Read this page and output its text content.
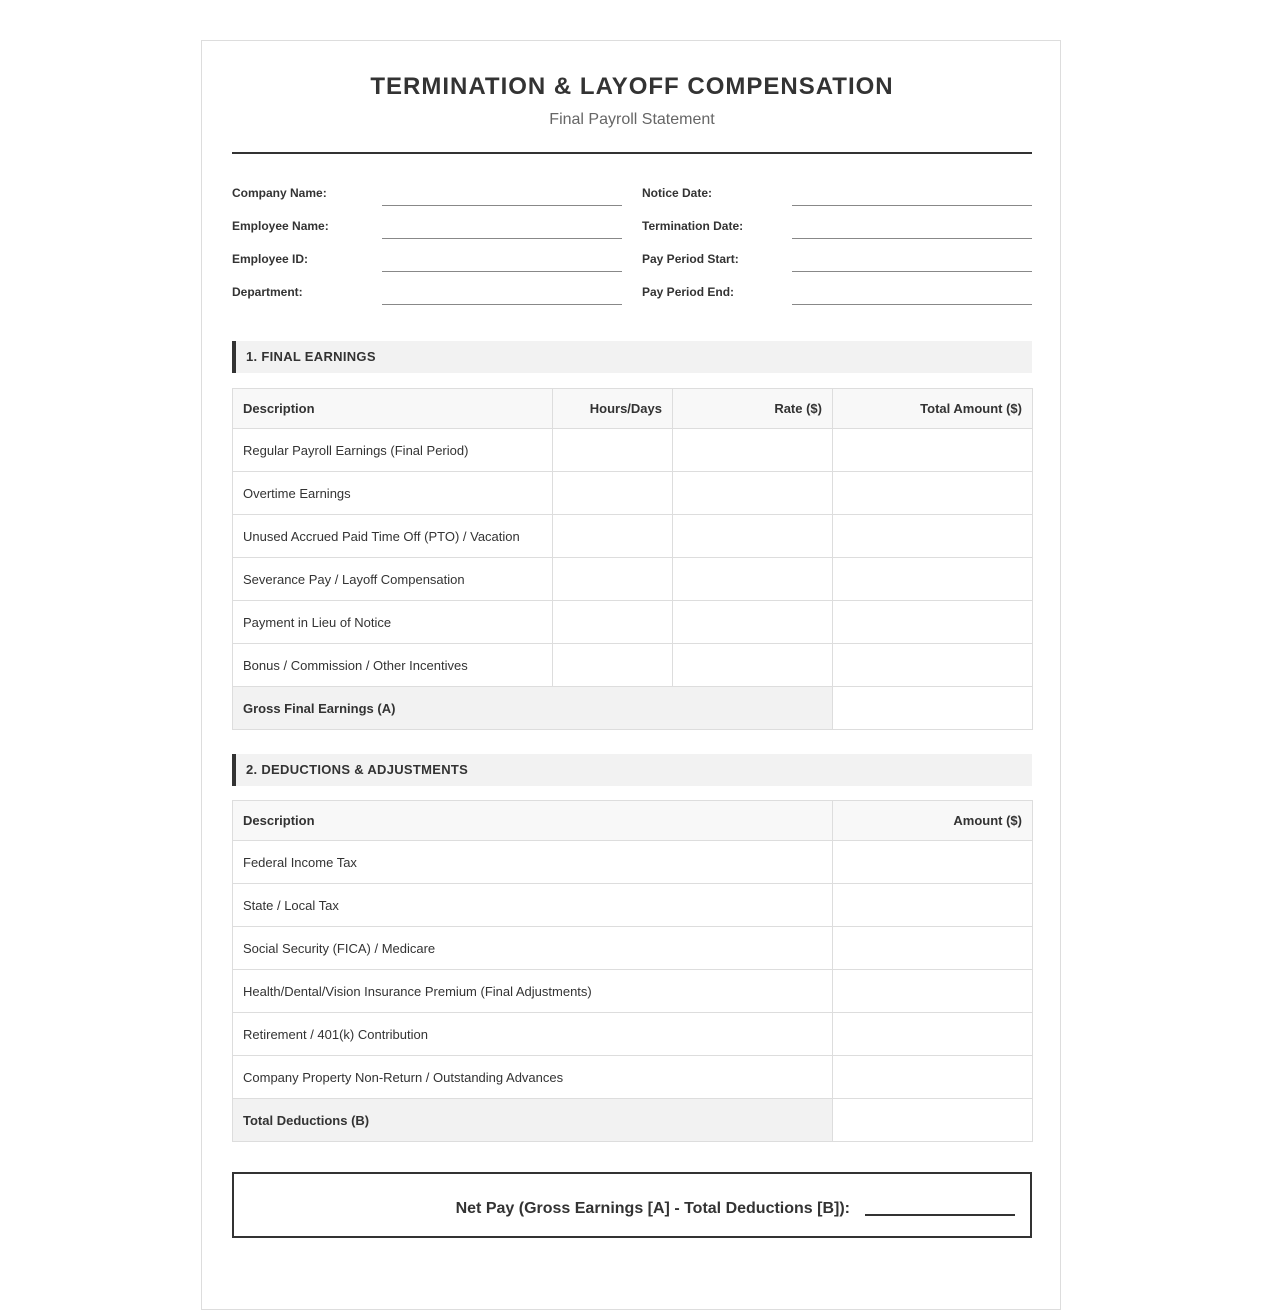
TERMINATION & LAYOFF COMPENSATION
Final Payroll Statement
Company Name:
Employee Name:
Employee ID:
Department:
Notice Date:
Termination Date:
Pay Period Start:
Pay Period End:
1. FINAL EARNINGS
Description	Hours/Days	Rate ($)	Total Amount ($)
Regular Payroll Earnings (Final Period)			
Overtime Earnings			
Unused Accrued Paid Time Off (PTO) / Vacation			
Severance Pay / Layoff Compensation			
Payment in Lieu of Notice			
Bonus / Commission / Other Incentives			
Gross Final Earnings (A)			
2. DEDUCTIONS & ADJUSTMENTS
Description	Amount ($)
Federal Income Tax	
State / Local Tax	
Social Security (FICA) / Medicare	
Health/Dental/Vision Insurance Premium (Final Adjustments)	
Retirement / 401(k) Contribution	
Company Property Non-Return / Outstanding Advances	
Total Deductions (B)	
Net Pay (Gross Earnings [A] - Total Deductions [B]):
